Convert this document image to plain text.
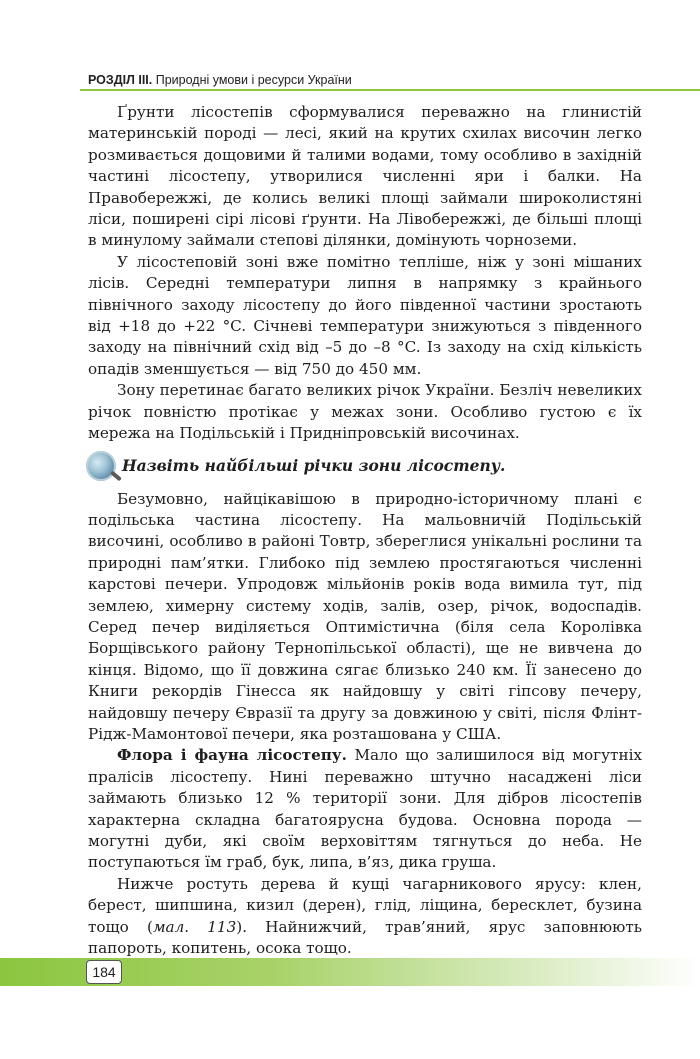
РОЗДІЛ ІІІ. Природні умови і ресурси України

Ґрунти лісостепів сформувалися переважно на глинистій материнській породі — лесі, який на крутих схилах височин легко розмивається дощовими й талими водами, тому особливо в західній частині лісостепу, утворилися численні яри і балки. На Правобережжі, де колись великі площі займали широколистяні ліси, поширені сірі лісові ґрунти. На Лівобережжі, де більші площі в минулому займали степові ділянки, домінують чорноземи.

У лісостеповій зоні вже помітно тепліше, ніж у зоні мішаних лісів. Середні температури липня в напрямку з крайнього північного заходу лісостепу до його південної частини зростають від +18 до +22 °C. Січневі температури знижуються з південного заходу на північний схід від –5 до –8 °C. Із заходу на схід кількість опадів зменшується — від 750 до 450 мм.

Зону перетинає багато великих річок України. Безліч невеликих річок повністю протікає у межах зони. Особливо густою є їх мережа на Подільській і Придніпровській височинах.

Назвіть найбільші річки зони лісостепу.

Безумовно, найцікавішою в природно-історичному плані є подільська частина лісостепу. На мальовничій Подільській височині, особливо в районі Товтр, збереглися унікальні рослини та природні пам’ятки. Глибоко під землею простягаються численні карстові печери. Упродовж мільйонів років вода вимила тут, під землею, химерну систему ходів, залів, озер, річок, водоспадів. Серед печер виділяється Оптимістична (біля села Королівка Борщівського району Тернопільської області), ще не вивчена до кінця. Відомо, що її довжина сягає близько 240 км. Її занесено до Книги рекордів Гінесса як найдовшу у світі гіпсову печеру, найдовшу печеру Євразії та другу за довжиною у світі, після Флінт-Рідж-Мамонтової печери, яка розташована у США.

Флора і фауна лісостепу. Мало що залишилося від могутніх пралісів лісостепу. Нині переважно штучно насаджені ліси займають близько 12 % території зони. Для дібров лісостепів характерна складна багатоярусна будова. Основна порода — могутні дуби, які своїм верховіттям тягнуться до неба. Не поступаються їм граб, бук, липа, в’яз, дика груша.

Нижче ростуть дерева й кущі чагарникового ярусу: клен, берест, шипшина, кизил (дерен), глід, ліщина, бересклет, бузина тощо (мал. 113). Найнижчий, трав’яний, ярус заповнюють папороть, копитень, осока тощо.

184
